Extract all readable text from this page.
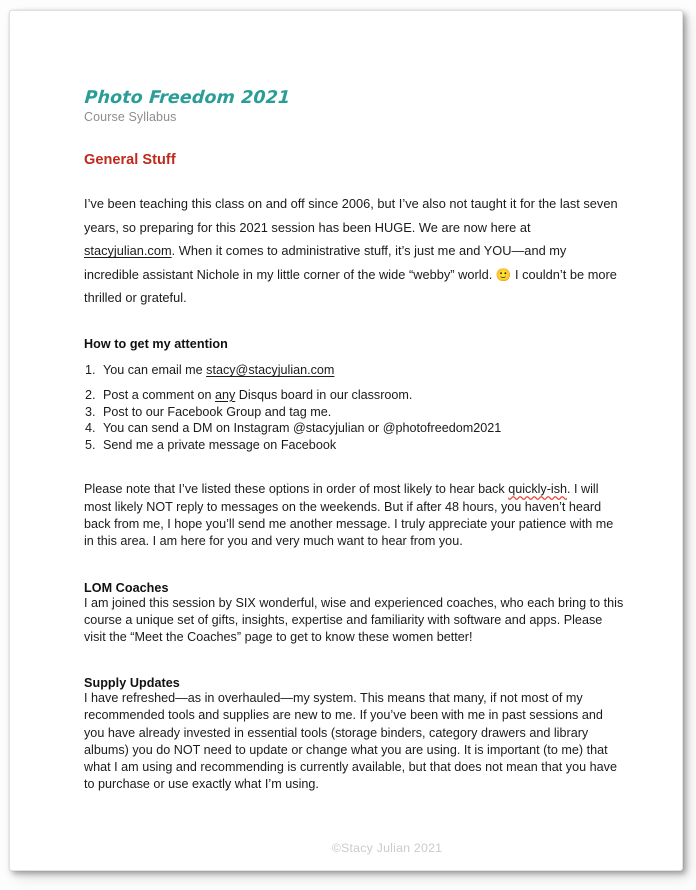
Photo Freedom 2021
Course Syllabus
General Stuff

I’ve been teaching this class on and off since 2006, but I’ve also not taught it for the last seven years, so preparing for this 2021 session has been HUGE. We are now here at stacyjulian.com. When it comes to administrative stuff, it’s just me and YOU—and my incredible assistant Nichole in my little corner of the wide “webby” world. 🙂 I couldn’t be more thrilled or grateful.

How to get my attention
1. You can email me stacy@stacyjulian.com
2. Post a comment on any Disqus board in our classroom.
3. Post to our Facebook Group and tag me.
4. You can send a DM on Instagram @stacyjulian or @photofreedom2021
5. Send me a private message on Facebook

Please note that I’ve listed these options in order of most likely to hear back quickly-ish. I will most likely NOT reply to messages on the weekends. But if after 48 hours, you haven’t heard back from me, I hope you’ll send me another message. I truly appreciate your patience with me in this area. I am here for you and very much want to hear from you.

LOM Coaches

I am joined this session by SIX wonderful, wise and experienced coaches, who each bring to this course a unique set of gifts, insights, expertise and familiarity with software and apps. Please visit the “Meet the Coaches” page to get to know these women better!

Supply Updates

I have refreshed—as in overhauled—my system. This means that many, if not most of my recommended tools and supplies are new to me. If you’ve been with me in past sessions and you have already invested in essential tools (storage binders, category drawers and library albums) you do NOT need to update or change what you are using. It is important (to me) that what I am using and recommending is currently available, but that does not mean that you have to purchase or use exactly what I’m using.

©Stacy Julian 2021
